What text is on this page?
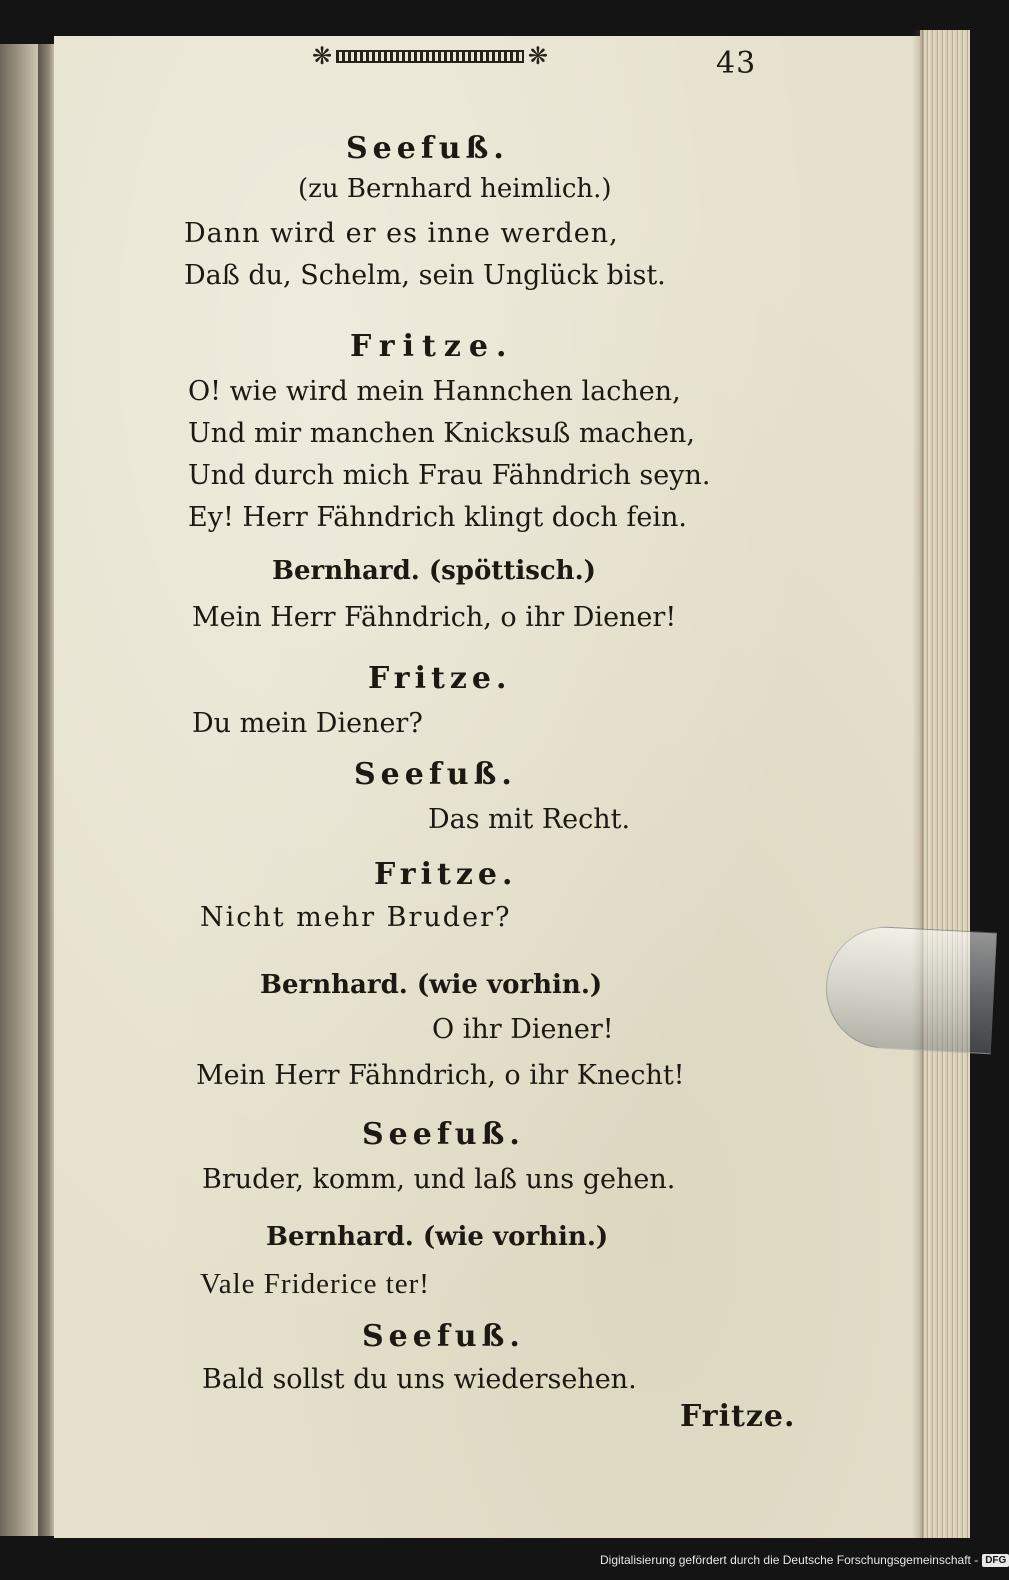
❋	❋	43
Seefuß.
(zu Bernhard heimlich.)
Dann wird er es inne werden,
Daß du, Schelm, sein Unglück bist.
Fritze.
O! wie wird mein Hannchen lachen,
Und mir manchen Knicksuß machen,
Und durch mich Frau Fähndrich seyn.
Ey! Herr Fähndrich klingt doch fein.
Bernhard. (spöttisch.)
Mein Herr Fähndrich, o ihr Diener!
Fritze.
Du mein Diener?
Seefuß.
Das mit Recht.
Fritze.
Nicht mehr Bruder?
Bernhard. (wie vorhin.)
O ihr Diener!
Mein Herr Fähndrich, o ihr Knecht!
Seefuß.
Bruder, komm, und laß uns gehen.
Bernhard. (wie vorhin.)
Vale Friderice ter!
Seefuß.
Bald sollst du uns wiedersehen.
Fritze.
Digitalisierung gefördert durch die Deutsche Forschungsgemeinschaft - DFG
